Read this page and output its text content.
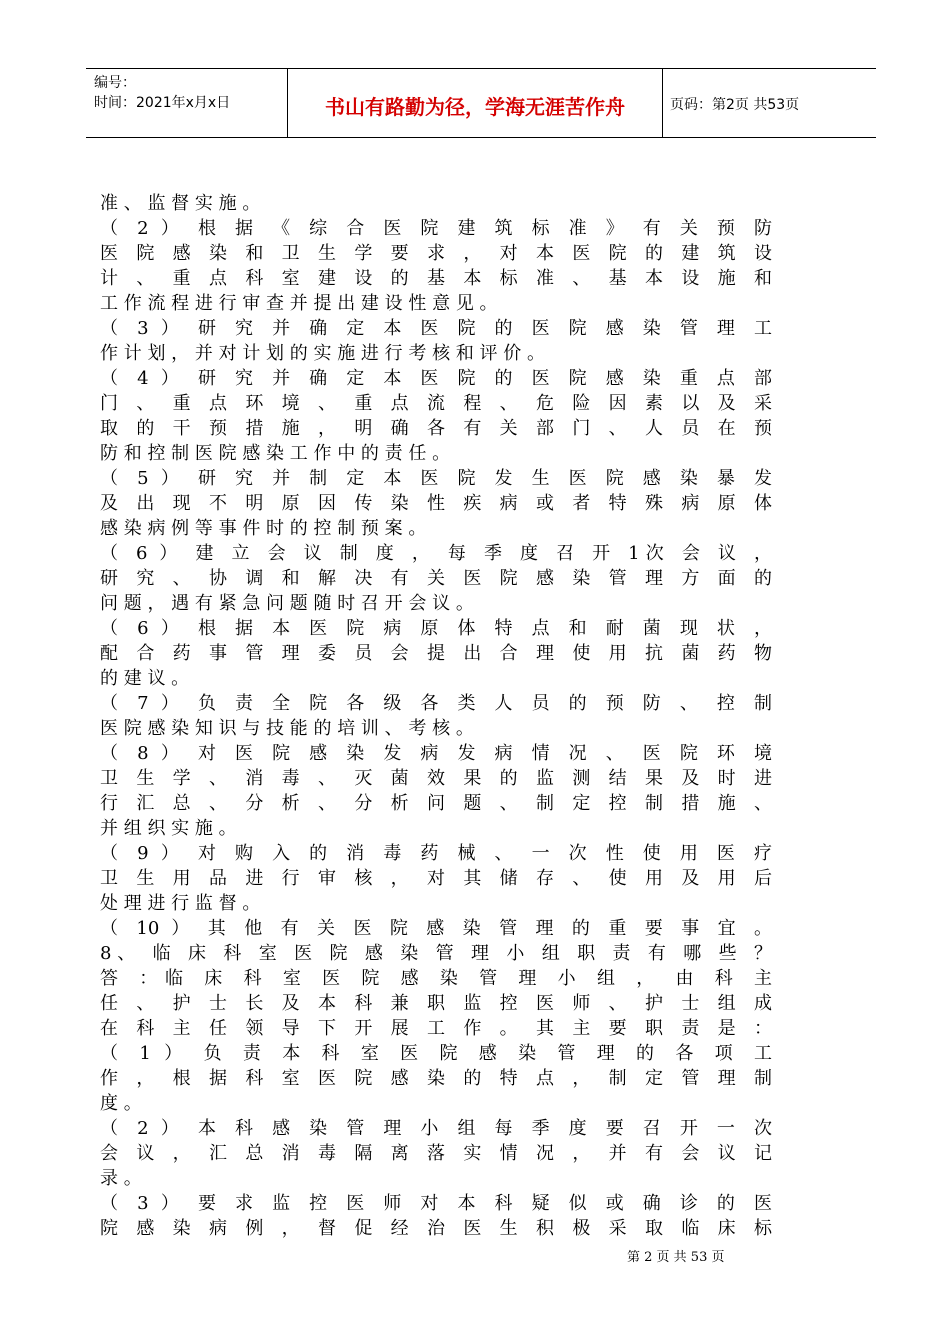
编号：
时间：2021年x月x日	书山有路勤为径，学海无涯苦作舟	页码：第2页 共53页
准 、 监 督 实 施 。
（ 2 ） 根 据 《 综 合 医 院 建 筑 标 准 》 有 关 预 防
医 院 感 染 和 卫 生 学 要 求 ， 对 本 医 院 的 建 筑 设
计 、 重 点 科 室 建 设 的 基 本 标 准 、 基 本 设 施 和
工 作 流 程 进 行 审 查 并 提 出 建 设 性 意 见 。
（ 3 ） 研 究 并 确 定 本 医 院 的 医 院 感 染 管 理 工
作 计 划 ， 并 对 计 划 的 实 施 进 行 考 核 和 评 价 。
（ 4 ） 研 究 并 确 定 本 医 院 的 医 院 感 染 重 点 部
门 、 重 点 环 境 、 重 点 流 程 、 危 险 因 素 以 及 采
取 的 干 预 措 施 ， 明 确 各 有 关 部 门 、 人 员 在 预
防 和 控 制 医 院 感 染 工 作 中 的 责 任 。
（ 5 ） 研 究 并 制 定 本 医 院 发 生 医 院 感 染 暴 发
及 出 现 不 明 原 因 传 染 性 疾 病 或 者 特 殊 病 原 体
感 染 病 例 等 事 件 时 的 控 制 预 案 。
（ 6 ） 建 立 会 议 制 度 ， 每 季 度 召 开 1次 会 议 ，
研 究 、 协 调 和 解 决 有 关 医 院 感 染 管 理 方 面 的
问 题 ， 遇 有 紧 急 问 题 随 时 召 开 会 议 。
（ 6 ） 根 据 本 医 院 病 原 体 特 点 和 耐 菌 现 状 ，
配 合 药 事 管 理 委 员 会 提 出 合 理 使 用 抗 菌 药 物
的 建 议 。
（ 7 ） 负 责 全 院 各 级 各 类 人 员 的 预 防 、 控 制
医 院 感 染 知 识 与 技 能 的 培 训 、 考 核 。
（ 8 ） 对 医 院 感 染 发 病 发 病 情 况 、 医 院 环 境
卫 生 学 、 消 毒 、 灭 菌 效 果 的 监 测 结 果 及 时 进
行 汇 总 、 分 析 、 分 析 问 题 、 制 定 控 制 措 施 、
并 组 织 实 施 。
（ 9 ） 对 购 入 的 消 毒 药 械 、 一 次 性 使 用 医 疗
卫 生 用 品 进 行 审 核 ， 对 其 储 存 、 使 用 及 用 后
处 理 进 行 监 督 。
（ 10 ） 其 他 有 关 医 院 感 染 管 理 的 重 要 事 宜 。
8、 临 床 科 室 医 院 感 染 管 理 小 组 职 责 有 哪 些 ？
答 ：临 床 科 室 医 院 感 染 管 理 小 组 ， 由 科 主
任 、 护 士 长 及 本 科 兼 职 监 控 医 师 、 护 士 组 成
在 科 主 任 领 导 下 开 展 工 作 。 其 主 要 职 责 是 ：
（ 1 ） 负 责 本 科 室 医 院 感 染 管 理 的 各 项 工
作 ， 根 据 科 室 医 院 感 染 的 特 点 ， 制 定 管 理 制
度 。
（ 2 ） 本 科 感 染 管 理 小 组 每 季 度 要 召 开 一 次
会 议 ， 汇 总 消 毒 隔 离 落 实 情 况 ， 并 有 会 议 记
录 。
（ 3 ） 要 求 监 控 医 师 对 本 科 疑 似 或 确 诊 的 医
院 感 染 病 例 ， 督 促 经 治 医 生 积 极 采 取 临 床 标
第 2 页 共 53 页
